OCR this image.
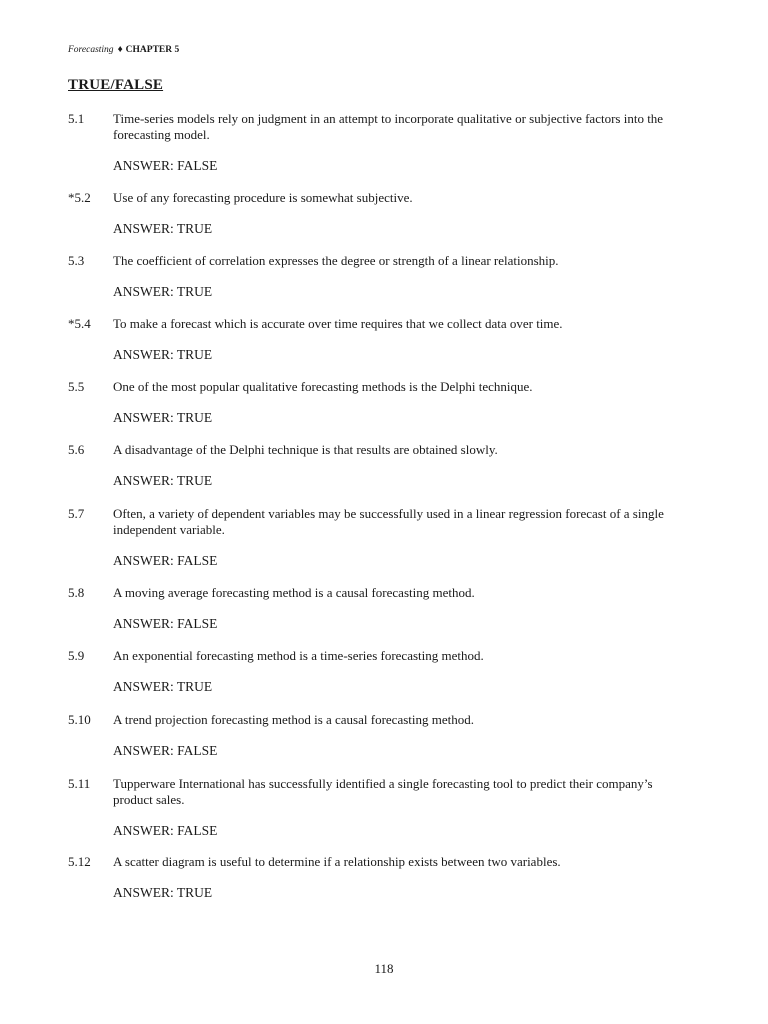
Forecasting ♦ CHAPTER 5
TRUE/FALSE
5.1 Time-series models rely on judgment in an attempt to incorporate qualitative or subjective factors into the forecasting model.
ANSWER: FALSE
*5.2 Use of any forecasting procedure is somewhat subjective.
ANSWER: TRUE
5.3 The coefficient of correlation expresses the degree or strength of a linear relationship.
ANSWER: TRUE
*5.4 To make a forecast which is accurate over time requires that we collect data over time.
ANSWER: TRUE
5.5 One of the most popular qualitative forecasting methods is the Delphi technique.
ANSWER: TRUE
5.6 A disadvantage of the Delphi technique is that results are obtained slowly.
ANSWER: TRUE
5.7 Often, a variety of dependent variables may be successfully used in a linear regression forecast of a single independent variable.
ANSWER: FALSE
5.8 A moving average forecasting method is a causal forecasting method.
ANSWER: FALSE
5.9 An exponential forecasting method is a time-series forecasting method.
ANSWER: TRUE
5.10 A trend projection forecasting method is a causal forecasting method.
ANSWER: FALSE
5.11 Tupperware International has successfully identified a single forecasting tool to predict their company’s product sales.
ANSWER: FALSE
5.12 A scatter diagram is useful to determine if a relationship exists between two variables.
ANSWER: TRUE
118
